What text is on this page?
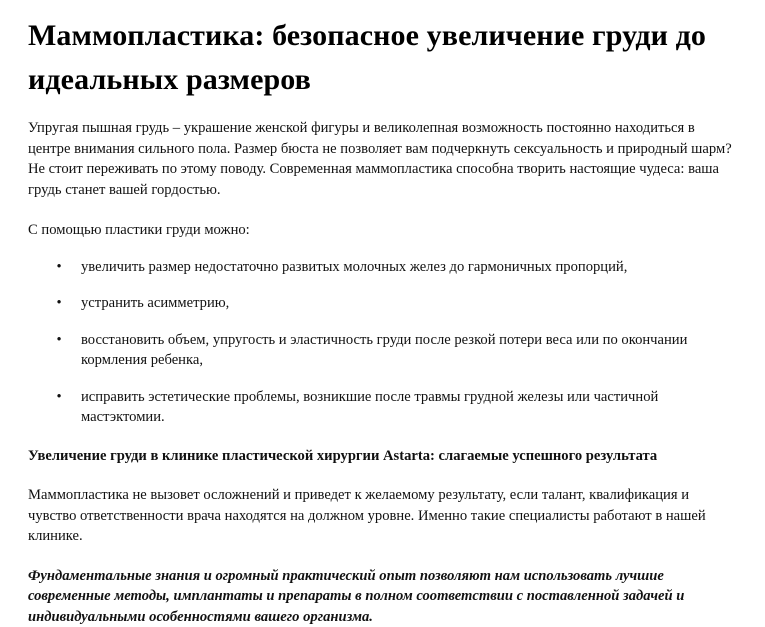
Маммопластика: безопасное увеличение груди до идеальных размеров

Упругая пышная грудь – украшение женской фигуры и великолепная возможность постоянно находиться в центре внимания сильного пола. Размер бюста не позволяет вам подчеркнуть сексуальность и природный шарм? Не стоит переживать по этому поводу. Современная маммопластика способна творить настоящие чудеса: ваша грудь станет вашей гордостью.

С помощью пластики груди можно:

• увеличить размер недостаточно развитых молочных желез до гармоничных пропорций,
• устранить асимметрию,
• восстановить объем, упругость и эластичность груди после резкой потери веса или по окончании кормления ребенка,
• исправить эстетические проблемы, возникшие после травмы грудной железы или частичной мастэктомии.

Увеличение груди в клинике пластической хирургии Astarta: слагаемые успешного результата

Маммопластика не вызовет осложнений и приведет к желаемому результату, если талант, квалификация и чувство ответственности врача находятся на должном уровне. Именно такие специалисты работают в нашей клинике.

Фундаментальные знания и огромный практический опыт позволяют нам использовать лучшие современные методы, имплантаты и препараты в полном соответствии с поставленной задачей и индивидуальными особенностями вашего организма.
